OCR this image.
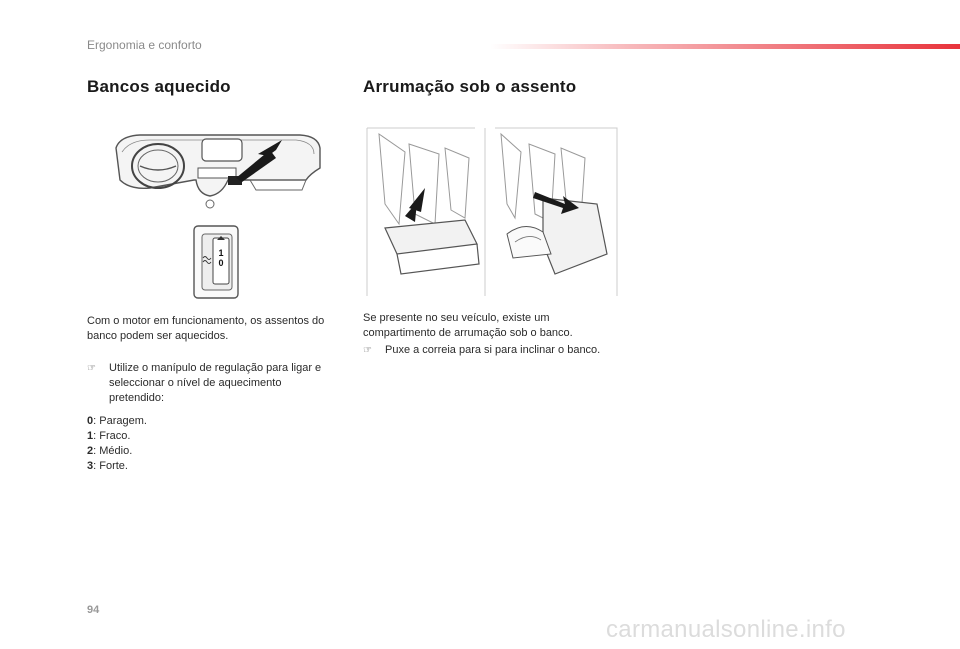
Ergonomia e conforto
Bancos aquecido
1
0
Com o motor em funcionamento, os assentos do banco podem ser aquecidos.
☞	Utilize o manípulo de regulação para ligar e seleccionar o nível de aquecimento pretendido:
0: Paragem.
1: Fraco.
2: Médio.
3: Forte.
Arrumação sob o assento
Se presente no seu veículo, existe um compartimento de arrumação sob o banco.
☞	Puxe a correia para si para inclinar o banco.
94
carmanualsonline.info
